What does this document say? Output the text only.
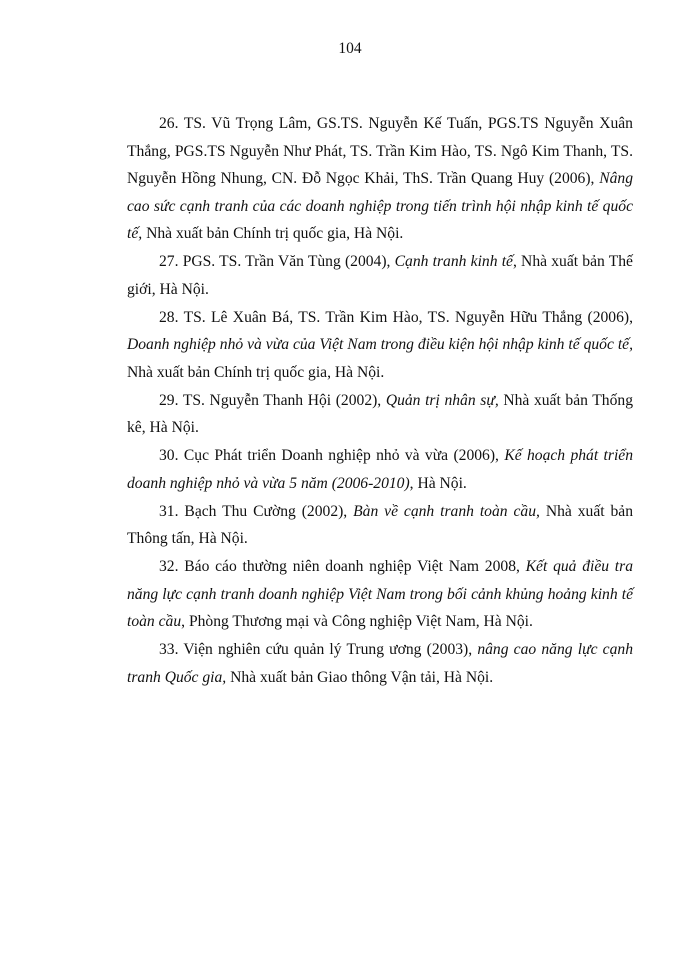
104

26. TS. Vũ Trọng Lâm, GS.TS. Nguyễn Kế Tuấn, PGS.TS Nguyễn Xuân Thắng, PGS.TS Nguyễn Như Phát, TS. Trần Kim Hào, TS. Ngô Kim Thanh, TS. Nguyễn Hồng Nhung, CN. Đỗ Ngọc Khải, ThS. Trần Quang Huy (2006), Nâng cao sức cạnh tranh của các doanh nghiệp trong tiến trình hội nhập kinh tế quốc tế, Nhà xuất bản Chính trị quốc gia, Hà Nội.

27. PGS. TS. Trần Văn Tùng (2004), Cạnh tranh kinh tế, Nhà xuất bản Thế giới, Hà Nội.

28. TS. Lê Xuân Bá, TS. Trần Kim Hào, TS. Nguyễn Hữu Thắng (2006), Doanh nghiệp nhỏ và vừa của Việt Nam trong điều kiện hội nhập kinh tế quốc tế, Nhà xuất bản Chính trị quốc gia, Hà Nội.

29. TS. Nguyễn Thanh Hội (2002), Quản trị nhân sự, Nhà xuất bản Thống kê, Hà Nội.

30. Cục Phát triển Doanh nghiệp nhỏ và vừa (2006), Kế hoạch phát triển doanh nghiệp nhỏ và vừa 5 năm (2006-2010), Hà Nội.

31. Bạch Thu Cường (2002), Bàn về cạnh tranh toàn cầu, Nhà xuất bản Thông tấn, Hà Nội.

32. Báo cáo thường niên doanh nghiệp Việt Nam 2008, Kết quả điều tra năng lực cạnh tranh doanh nghiệp Việt Nam trong bối cảnh khủng hoảng kinh tế toàn cầu, Phòng Thương mại và Công nghiệp Việt Nam, Hà Nội.

33. Viện nghiên cứu quản lý Trung ương (2003), nâng cao năng lực cạnh tranh Quốc gia, Nhà xuất bản Giao thông Vận tải, Hà Nội.
